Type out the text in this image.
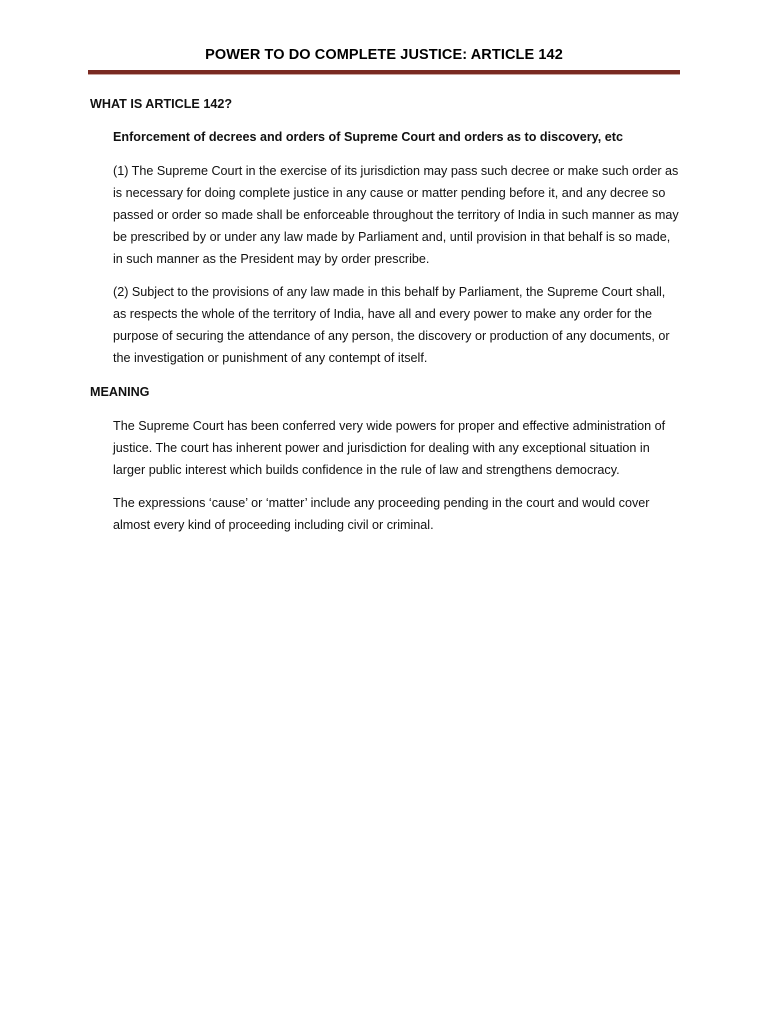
POWER TO DO COMPLETE JUSTICE: ARTICLE 142
WHAT IS ARTICLE 142?
Enforcement of decrees and orders of Supreme Court and orders as to discovery, etc

(1) The Supreme Court in the exercise of its jurisdiction may pass such decree or make such order as is necessary for doing complete justice in any cause or matter pending before it, and any decree so passed or order so made shall be enforceable throughout the territory of India in such manner as may be prescribed by or under any law made by Parliament and, until provision in that behalf is so made, in such manner as the President may by order prescribe.

(2) Subject to the provisions of any law made in this behalf by Parliament, the Supreme Court shall, as respects the whole of the territory of India, have all and every power to make any order for the purpose of securing the attendance of any person, the discovery or production of any documents, or the investigation or punishment of any contempt of itself.

MEANING

The Supreme Court has been conferred very wide powers for proper and effective administration of justice. The court has inherent power and jurisdiction for dealing with any exceptional situation in larger public interest which builds confidence in the rule of law and strengthens democracy.

The expressions ‘cause’ or ‘matter’ include any proceeding pending in the court and would cover almost every kind of proceeding including civil or criminal.
